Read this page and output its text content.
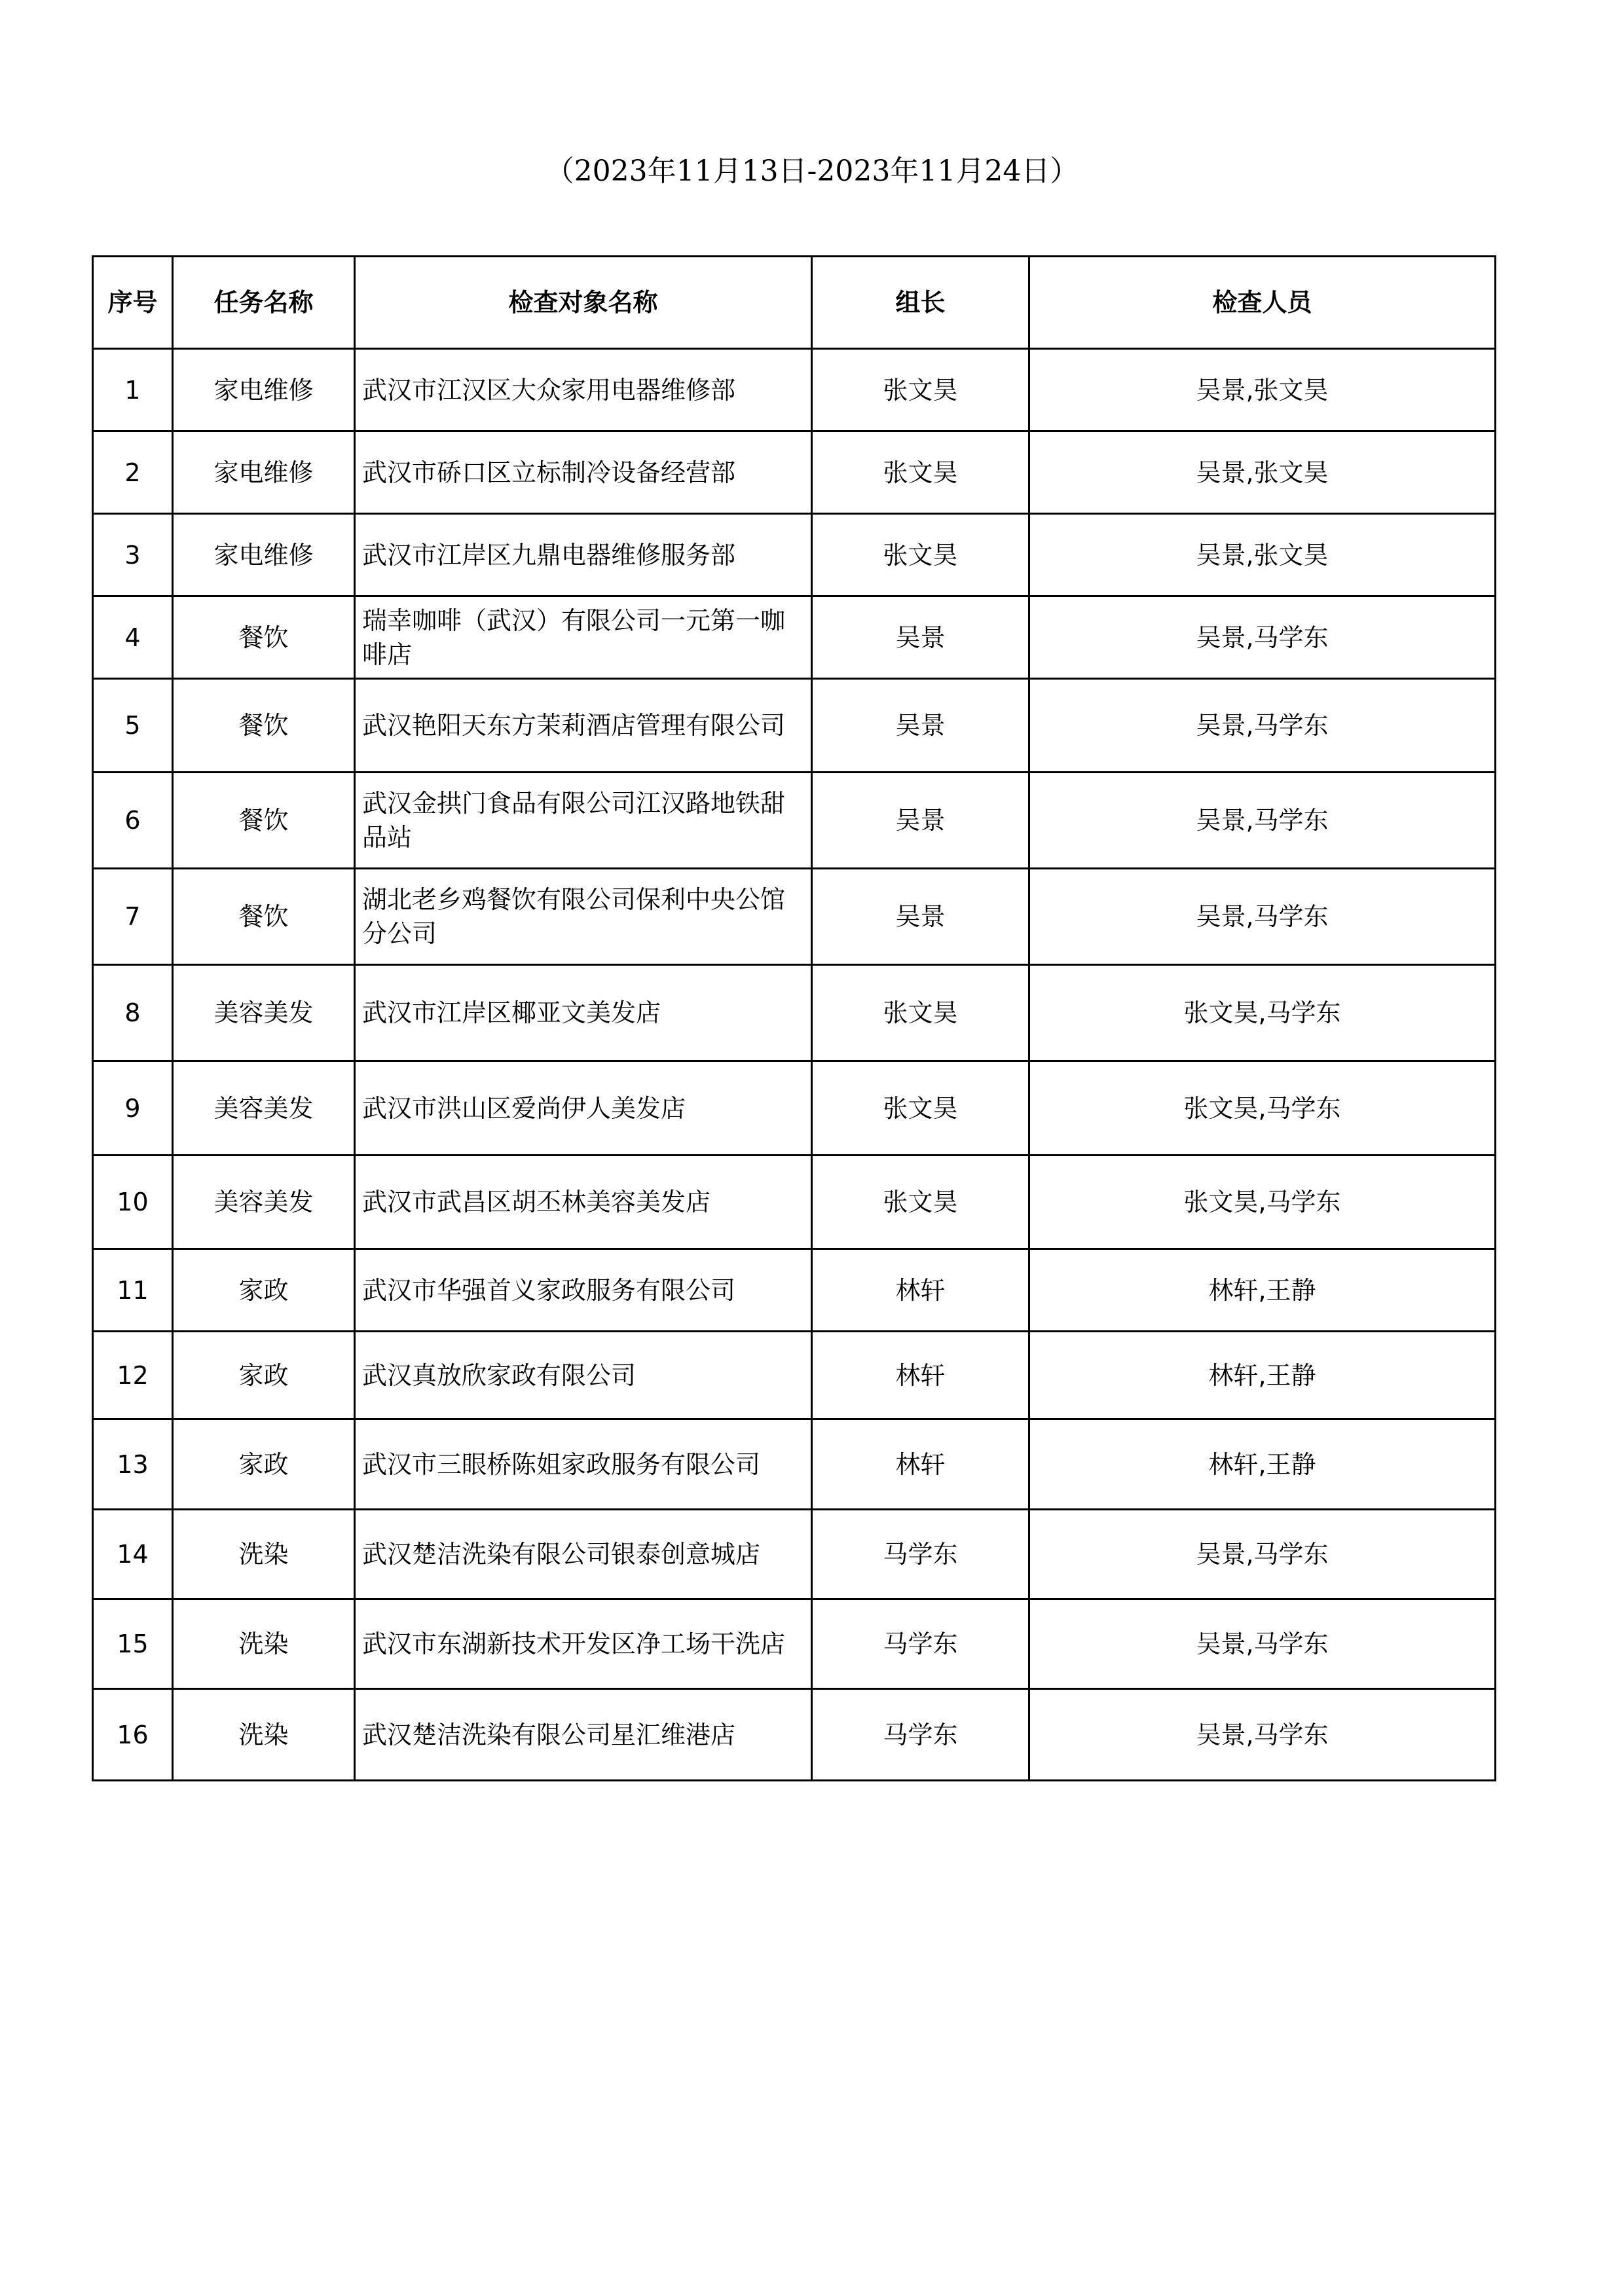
（2023年11月13日-2023年11月24日）
序号	任务名称	检查对象名称	组长	检查人员
1	家电维修	武汉市江汉区大众家用电器维修部	张文昊	吴景,张文昊
2	家电维修	武汉市硚口区立标制冷设备经营部	张文昊	吴景,张文昊
3	家电维修	武汉市江岸区九鼎电器维修服务部	张文昊	吴景,张文昊
4	餐饮	瑞幸咖啡（武汉）有限公司一元第一咖啡店	吴景	吴景,马学东
5	餐饮	武汉艳阳天东方茉莉酒店管理有限公司	吴景	吴景,马学东
6	餐饮	武汉金拱门食品有限公司江汉路地铁甜品站	吴景	吴景,马学东
7	餐饮	湖北老乡鸡餐饮有限公司保利中央公馆分公司	吴景	吴景,马学东
8	美容美发	武汉市江岸区椰亚文美发店	张文昊	张文昊,马学东
9	美容美发	武汉市洪山区爱尚伊人美发店	张文昊	张文昊,马学东
10	美容美发	武汉市武昌区胡丕林美容美发店	张文昊	张文昊,马学东
11	家政	武汉市华强首义家政服务有限公司	林轩	林轩,王静
12	家政	武汉真放欣家政有限公司	林轩	林轩,王静
13	家政	武汉市三眼桥陈姐家政服务有限公司	林轩	林轩,王静
14	洗染	武汉楚洁洗染有限公司银泰创意城店	马学东	吴景,马学东
15	洗染	武汉市东湖新技术开发区净工场干洗店	马学东	吴景,马学东
16	洗染	武汉楚洁洗染有限公司星汇维港店	马学东	吴景,马学东
